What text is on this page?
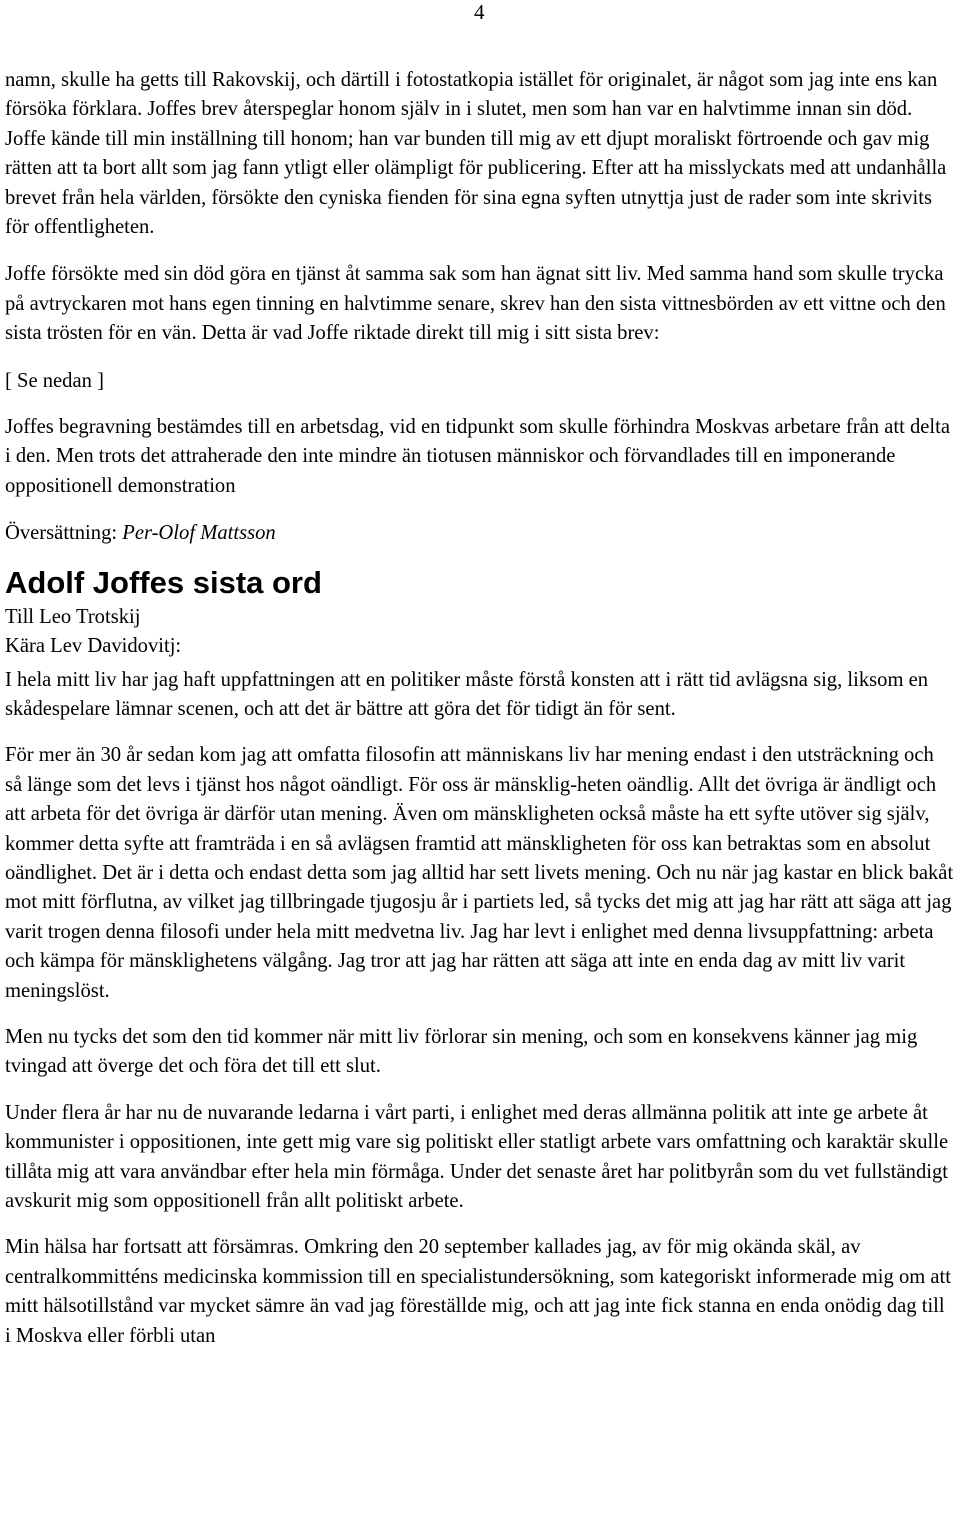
4

namn, skulle ha getts till Rakovskij, och därtill i fotostatkopia istället för originalet, är något som jag inte ens kan försöka förklara. Joffes brev återspeglar honom själv in i slutet, men som han var en halvtimme innan sin död. Joffe kände till min inställning till honom; han var bunden till mig av ett djupt moraliskt förtroende och gav mig rätten att ta bort allt som jag fann ytligt eller olämpligt för publicering. Efter att ha misslyckats med att undanhålla brevet från hela världen, försökte den cyniska fienden för sina egna syften utnyttja just de rader som inte skrivits för offentligheten.

Joffe försökte med sin död göra en tjänst åt samma sak som han ägnat sitt liv. Med samma hand som skulle trycka på avtryckaren mot hans egen tinning en halvtimme senare, skrev han den sista vittnesbörden av ett vittne och den sista trösten för en vän. Detta är vad Joffe riktade direkt till mig i sitt sista brev:

[ Se nedan ]

Joffes begravning bestämdes till en arbetsdag, vid en tidpunkt som skulle förhindra Moskvas arbetare från att delta i den. Men trots det attraherade den inte mindre än tiotusen människor och förvandlades till en imponerande oppositionell demonstration

Översättning: Per-Olof Mattsson

Adolf Joffes sista ord

Till Leo Trotskij

Kära Lev Davidovitj:

I hela mitt liv har jag haft uppfattningen att en politiker måste förstå konsten att i rätt tid avlägsna sig, liksom en skådespelare lämnar scenen, och att det är bättre att göra det för tidigt än för sent.

För mer än 30 år sedan kom jag att omfatta filosofin att människans liv har mening endast i den utsträckning och så länge som det levs i tjänst hos något oändligt. För oss är mänsklig-heten oändlig. Allt det övriga är ändligt och att arbeta för det övriga är därför utan mening. Även om mänskligheten också måste ha ett syfte utöver sig själv, kommer detta syfte att framträda i en så avlägsen framtid att mänskligheten för oss kan betraktas som en absolut oändlighet. Det är i detta och endast detta som jag alltid har sett livets mening. Och nu när jag kastar en blick bakåt mot mitt förflutna, av vilket jag tillbringade tjugosju år i partiets led, så tycks det mig att jag har rätt att säga att jag varit trogen denna filosofi under hela mitt medvetna liv. Jag har levt i enlighet med denna livsuppfattning: arbeta och kämpa för mänsklighetens välgång. Jag tror att jag har rätten att säga att inte en enda dag av mitt liv varit meningslöst.

Men nu tycks det som den tid kommer när mitt liv förlorar sin mening, och som en konsekvens känner jag mig tvingad att överge det och föra det till ett slut.

Under flera år har nu de nuvarande ledarna i vårt parti, i enlighet med deras allmänna politik att inte ge arbete åt kommunister i oppositionen, inte gett mig vare sig politiskt eller statligt arbete vars omfattning och karaktär skulle tillåta mig att vara användbar efter hela min förmåga. Under det senaste året har politbyrån som du vet fullständigt avskurit mig som oppositionell från allt politiskt arbete.

Min hälsa har fortsatt att försämras. Omkring den 20 september kallades jag, av för mig okända skäl, av centralkommitténs medicinska kommission till en specialistundersökning, som kategoriskt informerade mig om att mitt hälsotillstånd var mycket sämre än vad jag föreställde mig, och att jag inte fick stanna en enda onödig dag till i Moskva eller förbli utan
